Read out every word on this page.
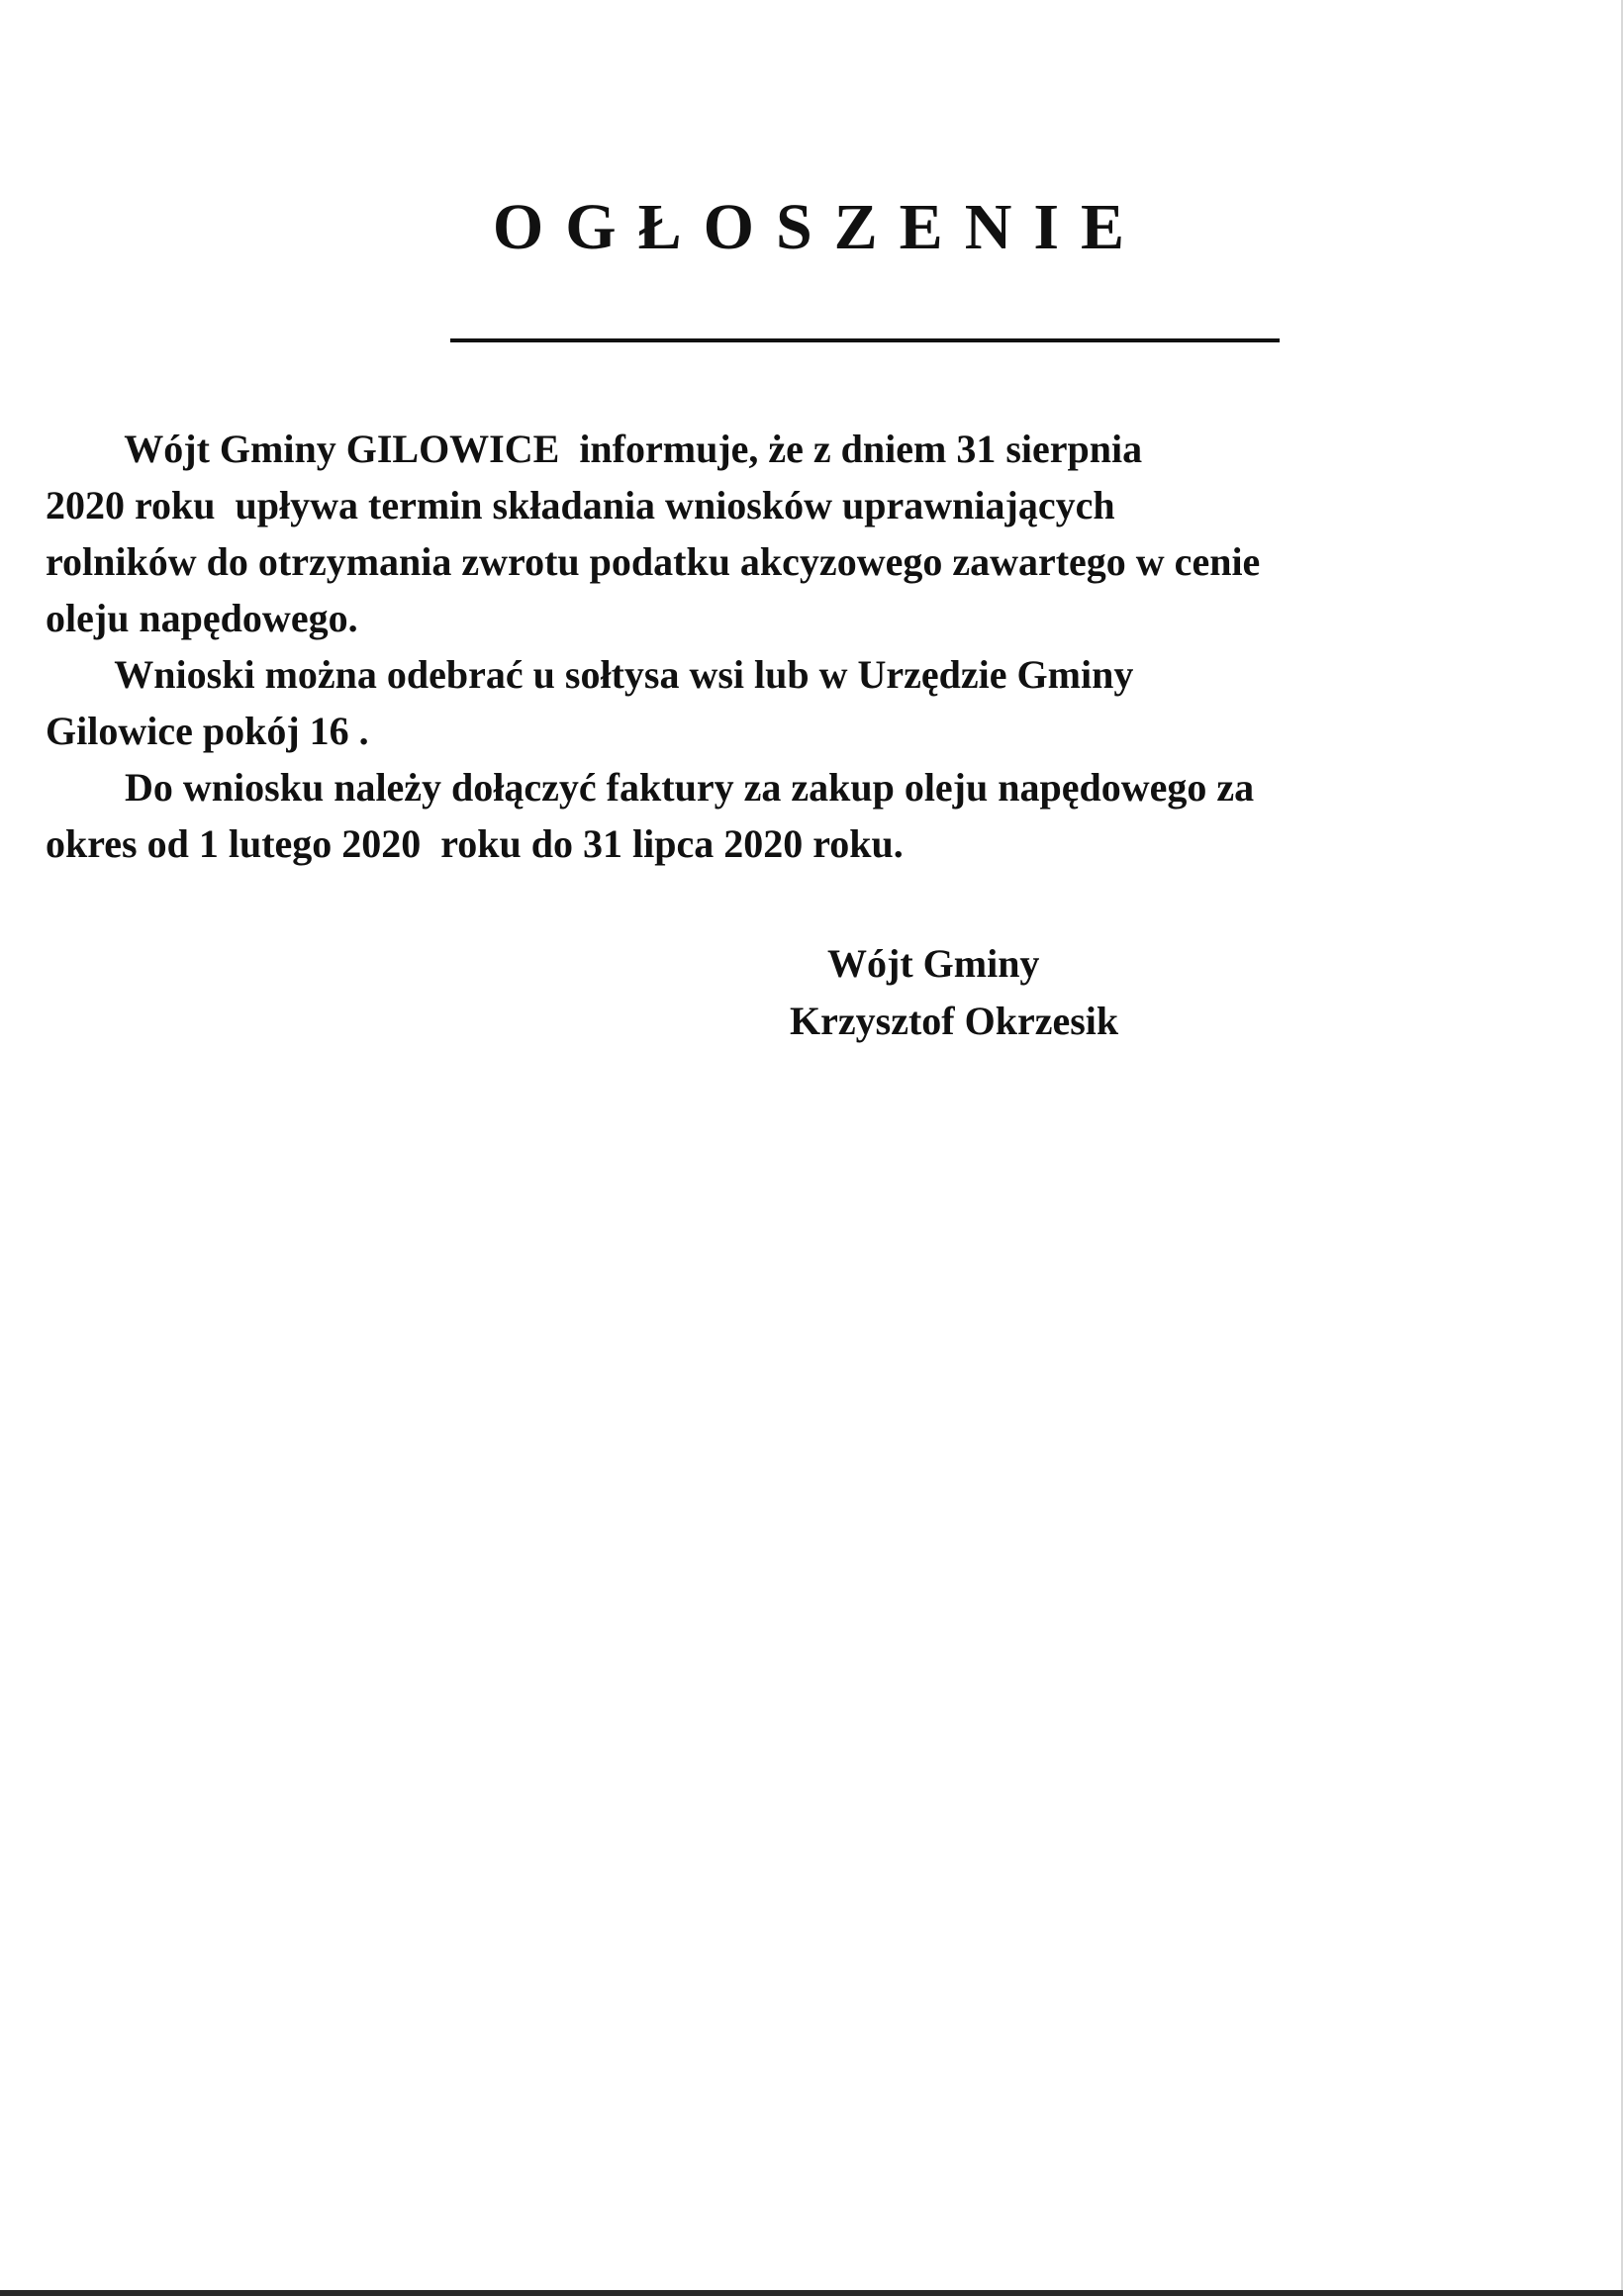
OGŁOSZENIE

Wójt Gminy GILOWICE  informuje, że z dniem 31 sierpnia
2020 roku  upływa termin składania wniosków uprawniających
rolników do otrzymania zwrotu podatku akcyzowego zawartego w cenie
oleju napędowego.

Wnioski można odebrać u sołtysa wsi lub w Urzędzie Gminy
Gilowice pokój 16 .

Do wniosku należy dołączyć faktury za zakup oleju napędowego za
okres od 1 lutego 2020  roku do 31 lipca 2020 roku.

Wójt Gminy
Krzysztof Okrzesik
